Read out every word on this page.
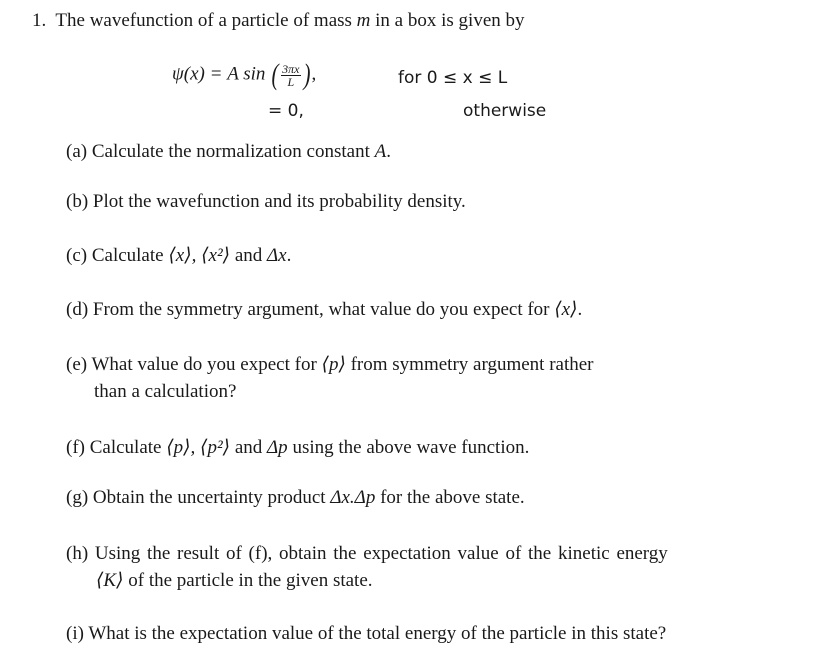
1. The wavefunction of a particle of mass m in a box is given by
ψ(x) = A sin ( $\frac{3\pi x}{L}$ ),	for 0 ≤ x ≤ L
= 0,	otherwise
(a) Calculate the normalization constant A.
(b) Plot the wavefunction and its probability density.
(c) Calculate ⟨x⟩, ⟨x²⟩ and Δx.
(d) From the symmetry argument, what value do you expect for ⟨x⟩.
(e) What value do you expect for ⟨p⟩ from symmetry argument rather
than a calculation?
(f) Calculate ⟨p⟩, ⟨p²⟩ and Δp using the above wave function.
(g) Obtain the uncertainty product Δx.Δp for the above state.
(h) Using the result of (f), obtain the expectation value of the kinetic energy
⟨K⟩ of the particle in the given state.
(i) What is the expectation value of the total energy of the particle in this state?
